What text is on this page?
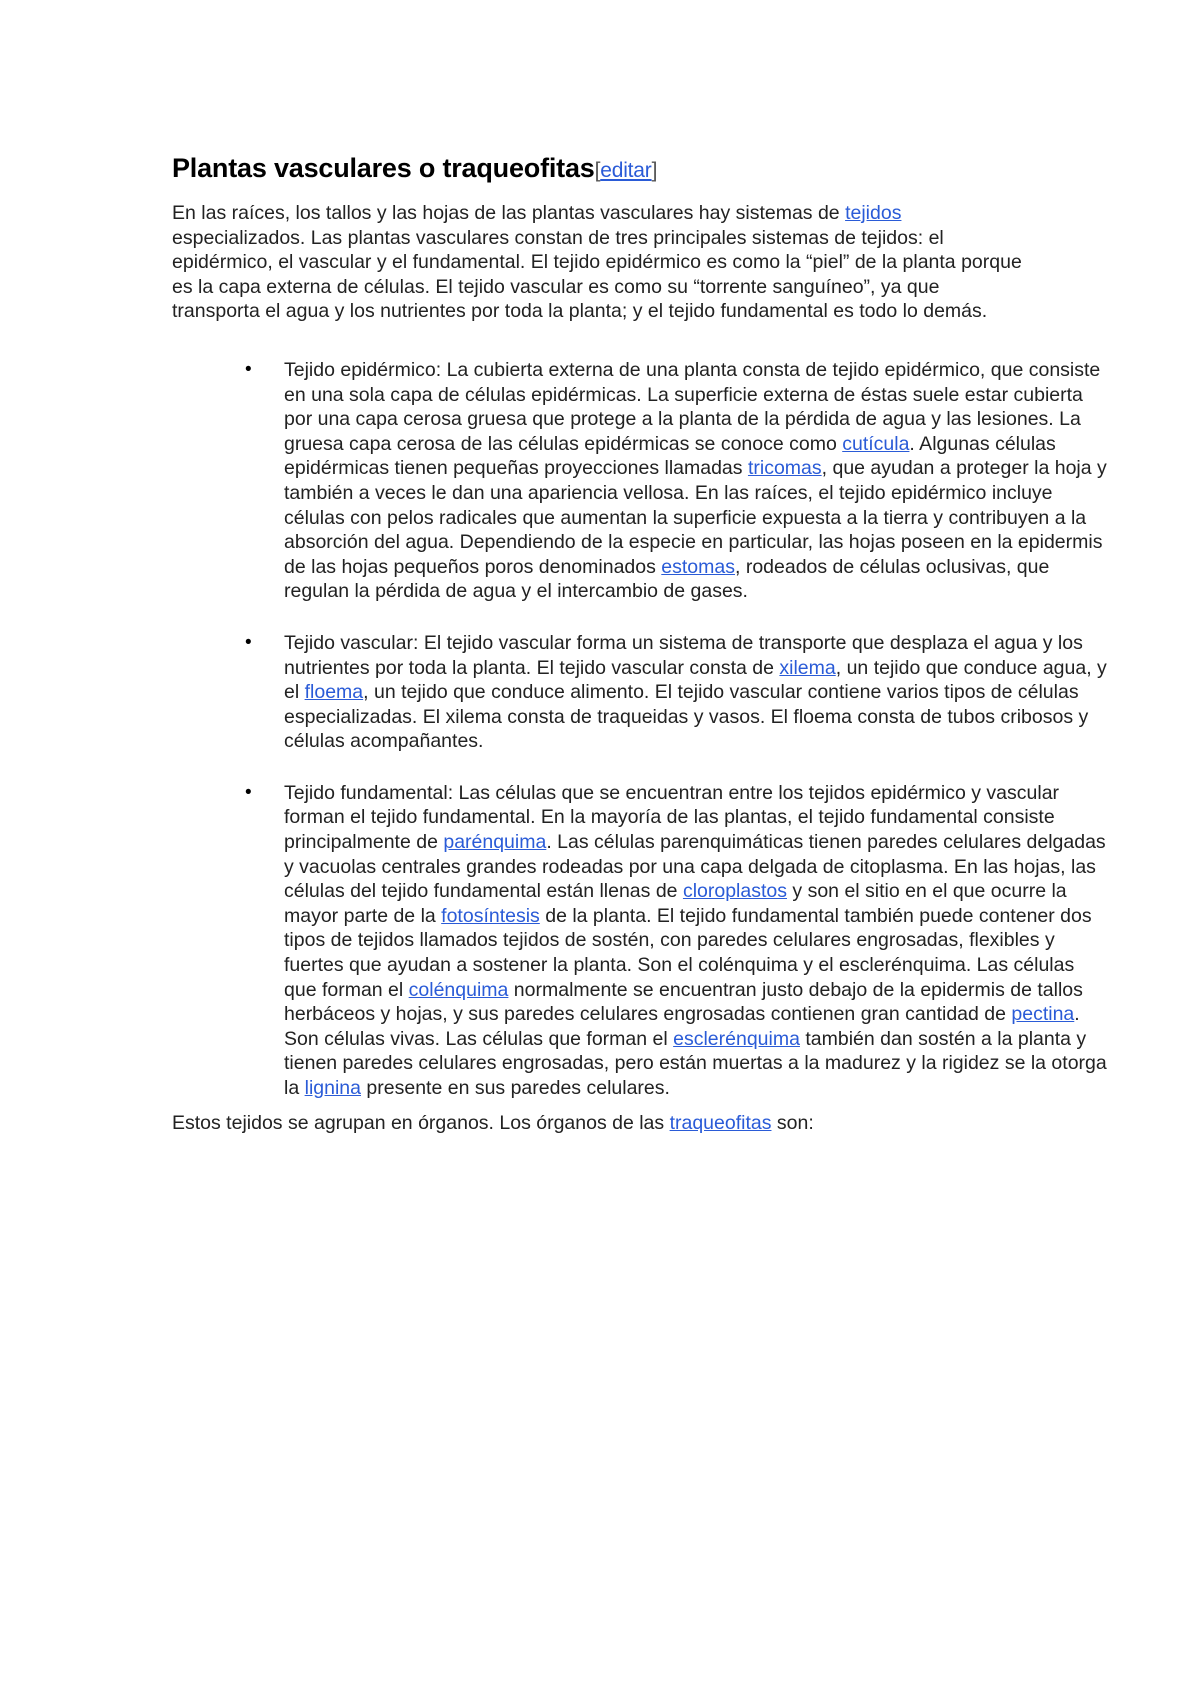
Plantas vasculares o traqueofitas[editar]

En las raíces, los tallos y las hojas de las plantas vasculares hay sistemas de tejidos especializados. Las plantas vasculares constan de tres principales sistemas de tejidos: el epidérmico, el vascular y el fundamental. El tejido epidérmico es como la “piel” de la planta porque es la capa externa de células. El tejido vascular es como su “torrente sanguíneo”, ya que transporta el agua y los nutrientes por toda la planta; y el tejido fundamental es todo lo demás.

• Tejido epidérmico: La cubierta externa de una planta consta de tejido epidérmico, que consiste en una sola capa de células epidérmicas. La superficie externa de éstas suele estar cubierta por una capa cerosa gruesa que protege a la planta de la pérdida de agua y las lesiones. La gruesa capa cerosa de las células epidérmicas se conoce como cutícula. Algunas células epidérmicas tienen pequeñas proyecciones llamadas tricomas, que ayudan a proteger la hoja y también a veces le dan una apariencia vellosa. En las raíces, el tejido epidérmico incluye células con pelos radicales que aumentan la superficie expuesta a la tierra y contribuyen a la absorción del agua. Dependiendo de la especie en particular, las hojas poseen en la epidermis de las hojas pequeños poros denominados estomas, rodeados de células oclusivas, que regulan la pérdida de agua y el intercambio de gases.
• Tejido vascular: El tejido vascular forma un sistema de transporte que desplaza el agua y los nutrientes por toda la planta. El tejido vascular consta de xilema, un tejido que conduce agua, y el floema, un tejido que conduce alimento. El tejido vascular contiene varios tipos de células especializadas. El xilema consta de traqueidas y vasos. El floema consta de tubos cribosos y células acompañantes.
• Tejido fundamental: Las células que se encuentran entre los tejidos epidérmico y vascular forman el tejido fundamental. En la mayoría de las plantas, el tejido fundamental consiste principalmente de parénquima. Las células parenquimáticas tienen paredes celulares delgadas y vacuolas centrales grandes rodeadas por una capa delgada de citoplasma. En las hojas, las células del tejido fundamental están llenas de cloroplastos y son el sitio en el que ocurre la mayor parte de la fotosíntesis de la planta. El tejido fundamental también puede contener dos tipos de tejidos llamados tejidos de sostén, con paredes celulares engrosadas, flexibles y fuertes que ayudan a sostener la planta. Son el colénquima y el esclerénquima. Las células que forman el colénquima normalmente se encuentran justo debajo de la epidermis de tallos herbáceos y hojas, y sus paredes celulares engrosadas contienen gran cantidad de pectina. Son células vivas. Las células que forman el esclerénquima también dan sostén a la planta y tienen paredes celulares engrosadas, pero están muertas a la madurez y la rigidez se la otorga la lignina presente en sus paredes celulares.

Estos tejidos se agrupan en órganos. Los órganos de las traqueofitas son:
